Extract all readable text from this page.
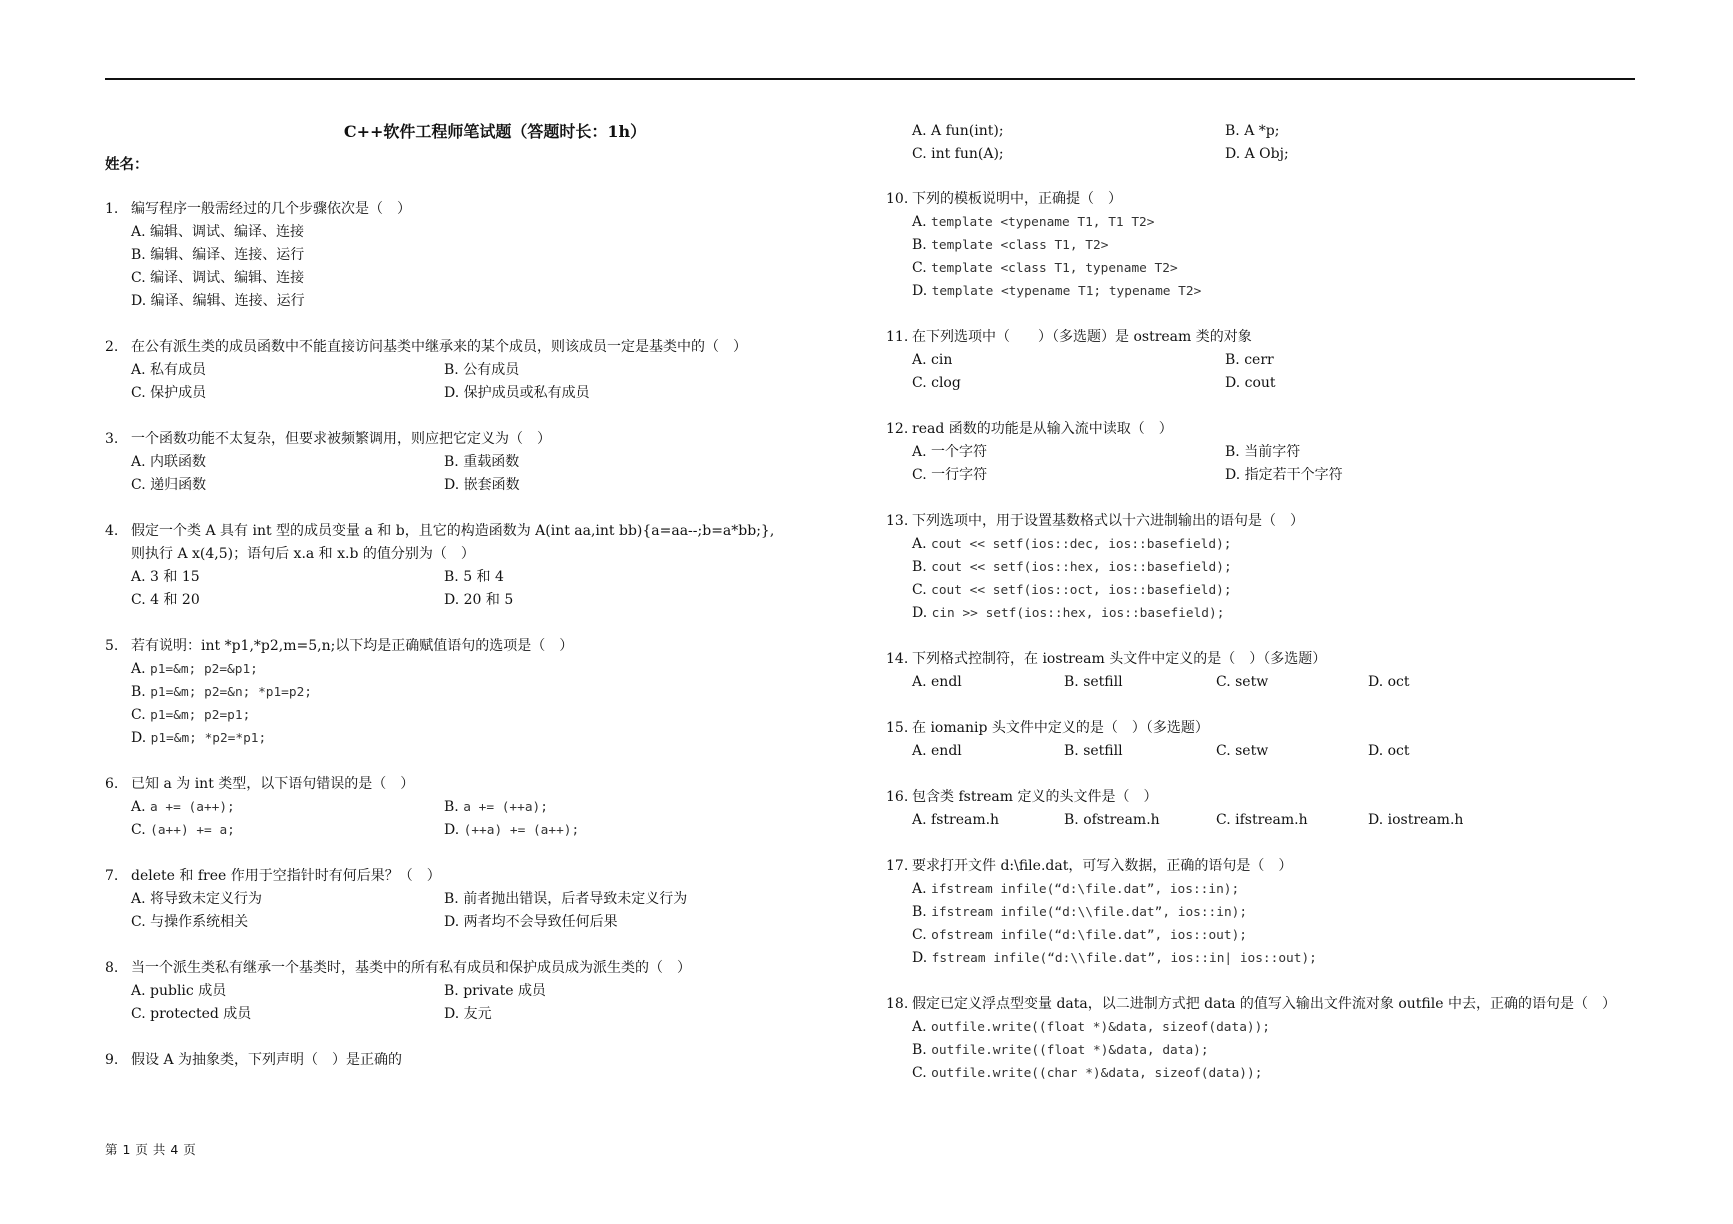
C++软件工程师笔试题（答题时长：1h）
姓名：
1. 编写程序一般需经过的几个步骤依次是（　）
A. 编辑、调试、编译、连接
B. 编辑、编译、连接、运行
C. 编译、调试、编辑、连接
D. 编译、编辑、连接、运行
2. 在公有派生类的成员函数中不能直接访问基类中继承来的某个成员，则该成员一定是基类中的（　）
A. 私有成员	B. 公有成员
C. 保护成员	D. 保护成员或私有成员
3. 一个函数功能不太复杂，但要求被频繁调用，则应把它定义为（　）
A. 内联函数	B. 重载函数
C. 递归函数	D. 嵌套函数
4. 假定一个类 A 具有 int 型的成员变量 a 和 b，且它的构造函数为 A(int aa,int bb){a=aa--;b=a*bb;},
则执行 A x(4,5)；语句后 x.a 和 x.b 的值分别为（　）
A. 3 和 15	B. 5 和 4
C. 4 和 20	D. 20 和 5
5. 若有说明：int *p1,*p2,m=5,n;以下均是正确赋值语句的选项是（　）
A. p1=&m; p2=&p1;
B. p1=&m; p2=&n; *p1=p2;
C. p1=&m; p2=p1;
D. p1=&m; *p2=*p1;
6. 已知 a 为 int 类型，以下语句错误的是（　）
A. a += (a++);	B. a += (++a);
C. (a++) += a;	D. (++a) += (a++);
7. delete 和 free 作用于空指针时有何后果？（　）
A. 将导致未定义行为	B. 前者抛出错误，后者导致未定义行为
C. 与操作系统相关	D. 两者均不会导致任何后果
8. 当一个派生类私有继承一个基类时，基类中的所有私有成员和保护成员成为派生类的（　）
A. public 成员	B. private 成员
C. protected 成员	D. 友元
9. 假设 A 为抽象类，下列声明（　）是正确的
A. A fun(int);	B. A *p;
C. int fun(A);	D. A Obj;
10. 下列的模板说明中，正确提（　）
A. template <typename T1, T1 T2>
B. template <class T1, T2>
C. template <class T1, typename T2>
D. template <typename T1; typename T2>
11. 在下列选项中（　　）（多选题）是 ostream 类的对象
A. cin	B. cerr
C. clog	D. cout
12. read 函数的功能是从输入流中读取（　）
A. 一个字符	B. 当前字符
C. 一行字符	D. 指定若干个字符
13. 下列选项中，用于设置基数格式以十六进制输出的语句是（　）
A. cout << setf(ios::dec, ios::basefield);
B. cout << setf(ios::hex, ios::basefield);
C. cout << setf(ios::oct, ios::basefield);
D. cin >> setf(ios::hex, ios::basefield);
14. 下列格式控制符，在 iostream 头文件中定义的是（　）（多选题）
A. endl	B. setfill	C. setw	D. oct
15. 在 iomanip 头文件中定义的是（　）（多选题）
A. endl	B. setfill	C. setw	D. oct
16. 包含类 fstream 定义的头文件是（　）
A. fstream.h	B. ofstream.h	C. ifstream.h	D. iostream.h
17. 要求打开文件 d:\file.dat，可写入数据，正确的语句是（　）
A. ifstream infile(“d:\file.dat”, ios::in);
B. ifstream infile(“d:\\file.dat”, ios::in);
C. ofstream infile(“d:\file.dat”, ios::out);
D. fstream infile(“d:\\file.dat”, ios::in| ios::out);
18. 假定已定义浮点型变量 data，以二进制方式把 data 的值写入输出文件流对象 outfile 中去，正确的语句是（　）
A. outfile.write((float *)&data, sizeof(data));
B. outfile.write((float *)&data, data);
C. outfile.write((char *)&data, sizeof(data));
第 1 页 共 4 页
